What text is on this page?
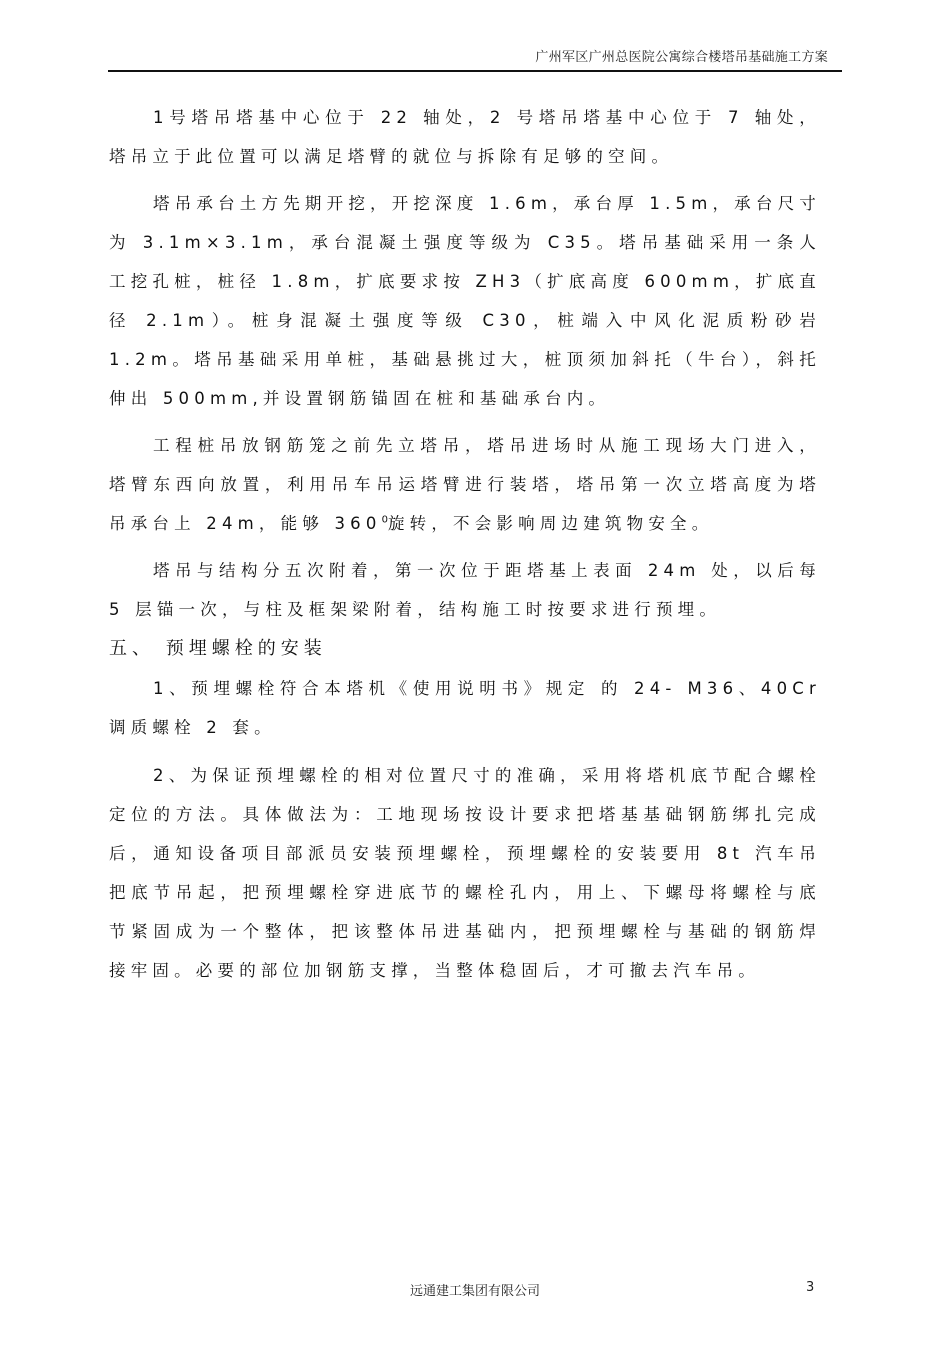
广州军区广州总医院公寓综合楼塔吊基础施工方案

1号塔吊塔基中心位于 22 轴处，2 号塔吊塔基中心位于 7 轴处，塔吊立于此位置可以满足塔臂的就位与拆除有足够的空间。

塔吊承台土方先期开挖，开挖深度 1.6m，承台厚 1.5m，承台尺寸为 3.1m×3.1m，承台混凝土强度等级为 C35。塔吊基础采用一条人工挖孔桩，桩径 1.8m，扩底要求按 ZH3（扩底高度 600mm，扩底直径 2.1m）。桩身混凝土强度等级 C30，桩端入中风化泥质粉砂岩 1.2m。塔吊基础采用单桩，基础悬挑过大，桩顶须加斜托（牛台），斜托伸出 500mm,并设置钢筋锚固在桩和基础承台内。

工程桩吊放钢筋笼之前先立塔吊，塔吊进场时从施工现场大门进入，塔臂东西向放置，利用吊车吊运塔臂进行装塔，塔吊第一次立塔高度为塔吊承台上 24m，能够 $360^0$旋转，不会影响周边建筑物安全。

塔吊与结构分五次附着，第一次位于距塔基上表面 24m 处，以后每 5 层锚一次，与柱及框架梁附着，结构施工时按要求进行预埋。

五、 预埋螺栓的安装

1、预埋螺栓符合本塔机《使用说明书》规定 的 24- M36、40Cr 调质螺栓 2 套。

2、为保证预埋螺栓的相对位置尺寸的准确，采用将塔机底节配合螺栓定位的方法。具体做法为：工地现场按设计要求把塔基基础钢筋绑扎完成后，通知设备项目部派员安装预埋螺栓，预埋螺栓的安装要用 8t 汽车吊把底节吊起，把预埋螺栓穿进底节的螺栓孔内，用上、下螺母将螺栓与底节紧固成为一个整体，把该整体吊进基础内，把预埋螺栓与基础的钢筋焊接牢固。必要的部位加钢筋支撑，当整体稳固后，才可撤去汽车吊。

远通建工集团有限公司	3
